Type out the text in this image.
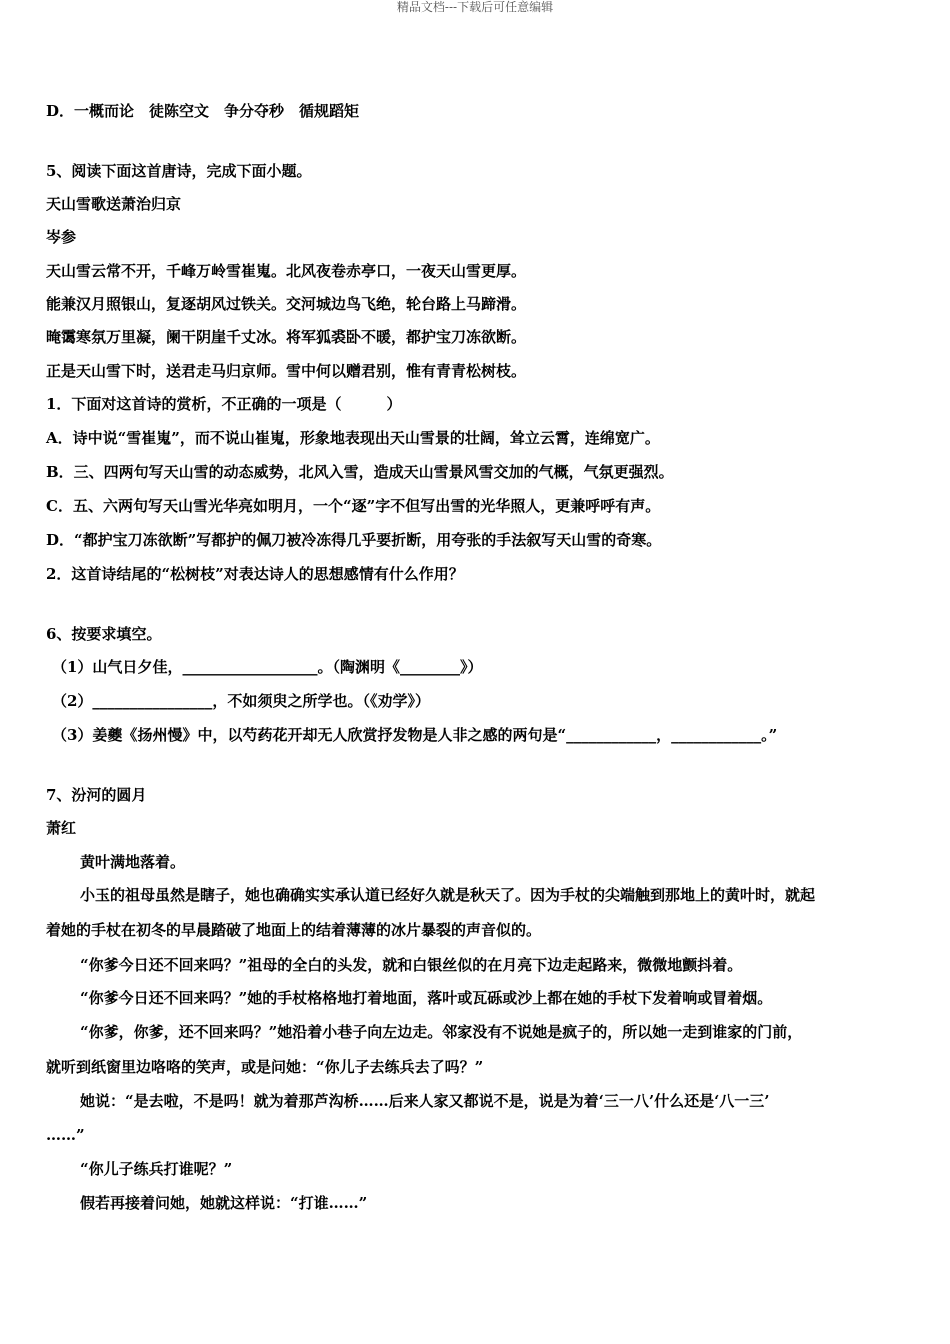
精品文档---下载后可任意编辑
D．一概而论　徒陈空文　争分夺秒　循规蹈矩
5、阅读下面这首唐诗，完成下面小题。
天山雪歌送萧治归京
岑参
天山雪云常不开，千峰万岭雪崔嵬。北风夜卷赤亭口，一夜天山雪更厚。
能兼汉月照银山，复逐胡风过铁关。交河城边鸟飞绝，轮台路上马蹄滑。
晻霭寒氛万里凝，阑干阴崖千丈冰。将军狐裘卧不暖，都护宝刀冻欲断。
正是天山雪下时，送君走马归京师。雪中何以赠君别，惟有青青松树枝。
1．下面对这首诗的赏析，不正确的一项是（　　　）
A．诗中说“雪崔嵬”，而不说山崔嵬，形象地表现出天山雪景的壮阔，耸立云霄，连绵宽广。
B．三、四两句写天山雪的动态威势，北风入雪，造成天山雪景风雪交加的气概，气氛更强烈。
C．五、六两句写天山雪光华亮如明月，一个“逐”字不但写出雪的光华照人，更兼呼呼有声。
D．“都护宝刀冻欲断”写都护的佩刀被冷冻得几乎要折断，用夸张的手法叙写天山雪的奇寒。
2．这首诗结尾的“松树枝”对表达诗人的思想感情有什么作用？
6、按要求填空。
（1）山气日夕佳，__________________。（陶渊明《________》）
（2）________________，不如须臾之所学也。（《劝学》）
（3）姜夔《扬州慢》中，以芍药花开却无人欣赏抒发物是人非之感的两句是“____________，____________。”
7、汾河的圆月
萧红
黄叶满地落着。
小玉的祖母虽然是瞎子，她也确确实实承认道已经好久就是秋天了。因为手杖的尖端触到那地上的黄叶时，就起
着她的手杖在初冬的早晨踏破了地面上的结着薄薄的冰片暴裂的声音似的。
“你爹今日还不回来吗？”祖母的全白的头发，就和白银丝似的在月亮下边走起路来，微微地颤抖着。
“你爹今日还不回来吗？”她的手杖格格地打着地面，落叶或瓦砾或沙上都在她的手杖下发着响或冒着烟。
“你爹，你爹，还不回来吗？”她沿着小巷子向左边走。邻家没有不说她是疯子的，所以她一走到谁家的门前，
就听到纸窗里边咯咯的笑声，或是问她：“你儿子去练兵去了吗？”
她说：“是去啦，不是吗！就为着那芦沟桥……后来人家又都说不是，说是为着‘三一八’什么还是‘八一三’
……”
“你儿子练兵打谁呢？”
假若再接着问她，她就这样说：“打谁……”
